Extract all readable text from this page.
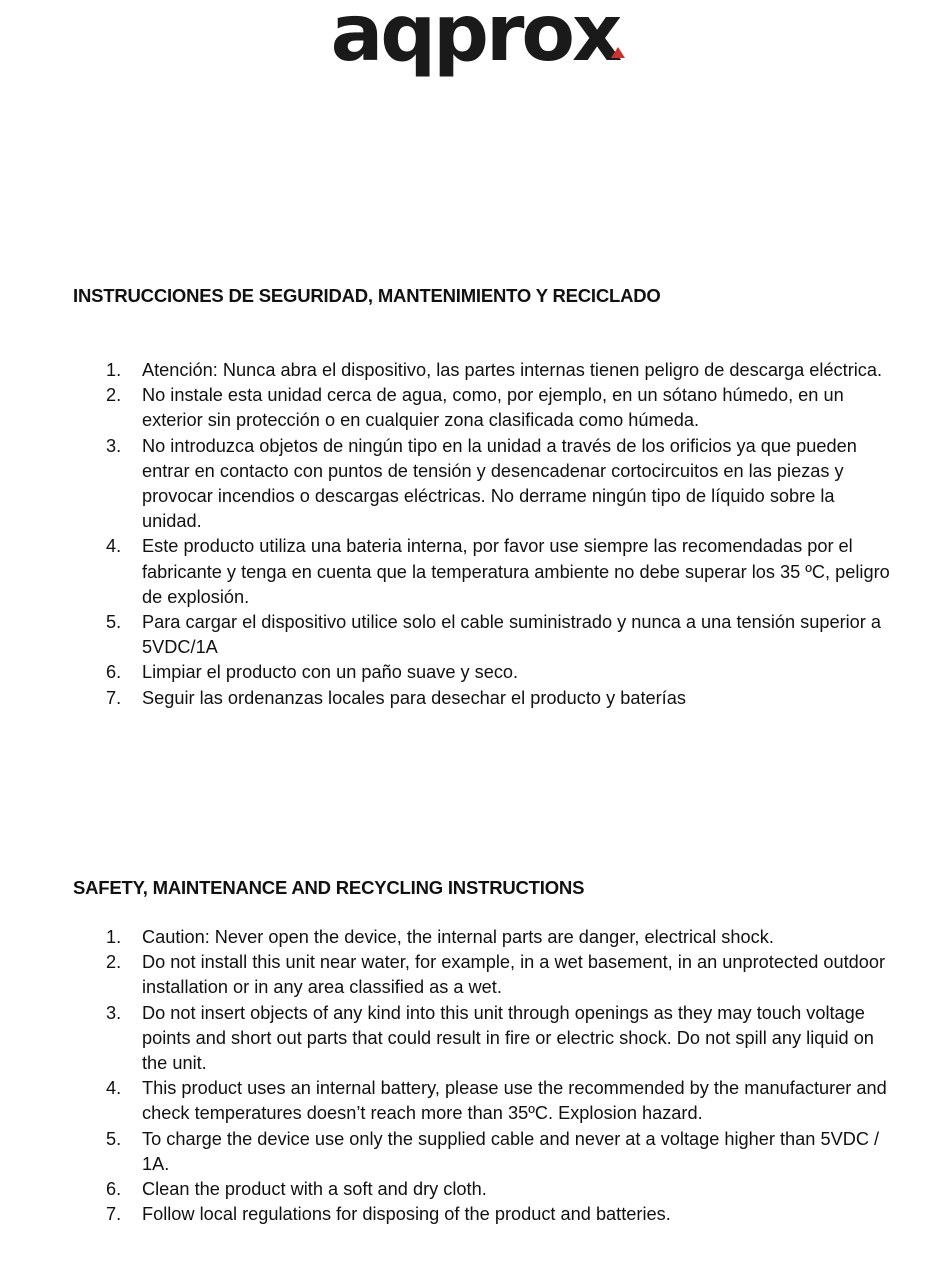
aqprox
INSTRUCCIONES DE SEGURIDAD, MANTENIMIENTO Y RECICLADO
1. Atención: Nunca abra el dispositivo, las partes internas tienen peligro de descarga eléctrica.
2. No instale esta unidad cerca de agua, como, por ejemplo, en un sótano húmedo, en un exterior sin protección o en cualquier zona clasificada como húmeda.
3. No introduzca objetos de ningún tipo en la unidad a través de los orificios ya que pueden entrar en contacto con puntos de tensión y desencadenar cortocircuitos en las piezas y provocar incendios o descargas eléctricas. No derrame ningún tipo de líquido sobre la unidad.
4. Este producto utiliza una bateria interna, por favor use siempre las recomendadas por el fabricante y tenga en cuenta que la temperatura ambiente no debe superar los 35 ºC, peligro de explosión.
5. Para cargar el dispositivo utilice solo el cable suministrado y nunca a una tensión superior a 5VDC/1A
6. Limpiar el producto con un paño suave y seco.
7. Seguir las ordenanzas locales para desechar el producto y baterías
SAFETY, MAINTENANCE AND RECYCLING INSTRUCTIONS
1. Caution: Never open the device, the internal parts are danger, electrical shock.
2. Do not install this unit near water, for example, in a wet basement, in an unprotected outdoor installation or in any area classified as a wet.
3. Do not insert objects of any kind into this unit through openings as they may touch voltage points and short out parts that could result in fire or electric shock. Do not spill any liquid on the unit.
4. This product uses an internal battery, please use the recommended by the manufacturer and check temperatures doesn’t reach more than 35ºC. Explosion hazard.
5. To charge the device use only the supplied cable and never at a voltage higher than 5VDC / 1A.
6. Clean the product with a soft and dry cloth.
7. Follow local regulations for disposing of the product and batteries.
